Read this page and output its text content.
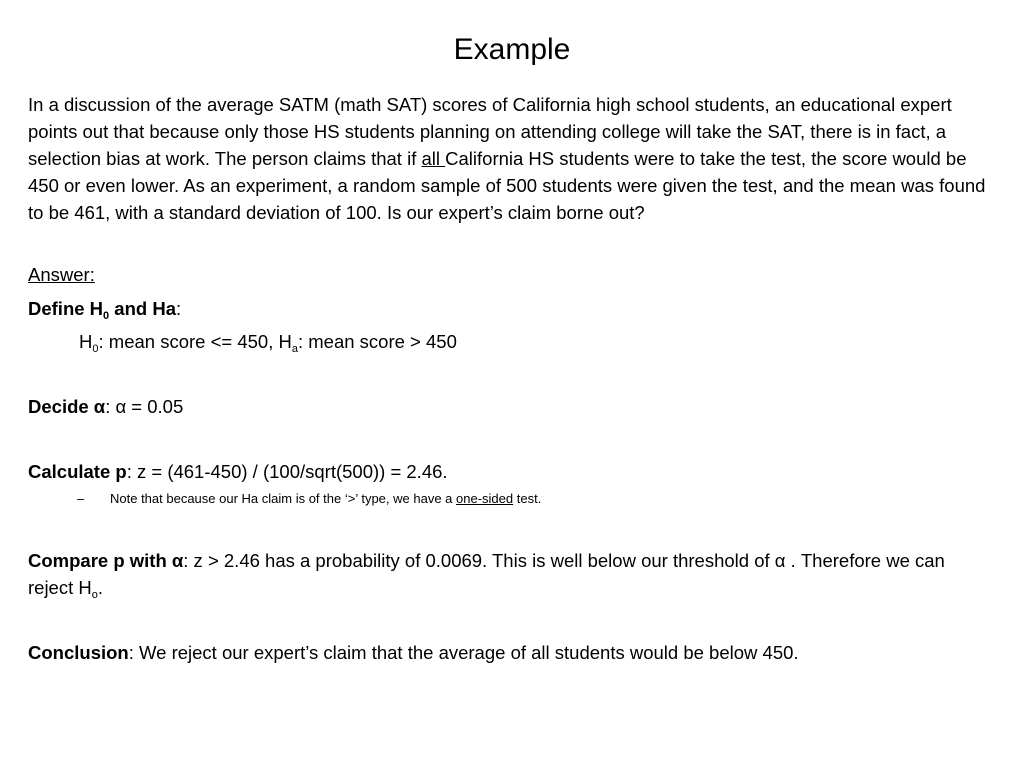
Example

In a discussion of the average SATM (math SAT) scores of California high school students, an educational expert points out that because only those HS students planning on attending college will take the SAT, there is in fact, a selection bias at work. The person claims that if all California HS students were to take the test, the score would be 450 or even lower. As an experiment, a random sample of 500 students were given the test, and the mean was found to be 461, with a standard deviation of 100. Is our expert’s claim borne out?

Answer:
Define $H_0$ and Ha:
$H_0$: mean score <= 450, $H_a$: mean score > 450
Decide α: α = 0.05
Calculate p: z = (461-450) / (100/sqrt(500)) = 2.46.
– Note that because our Ha claim is of the ‘>’ type, we have a one-sided test.

Compare p with α: z > 2.46 has a probability of 0.0069. This is well below our threshold of α . Therefore we can reject $H_o$.

Conclusion: We reject our expert’s claim that the average of all students would be below 450.
